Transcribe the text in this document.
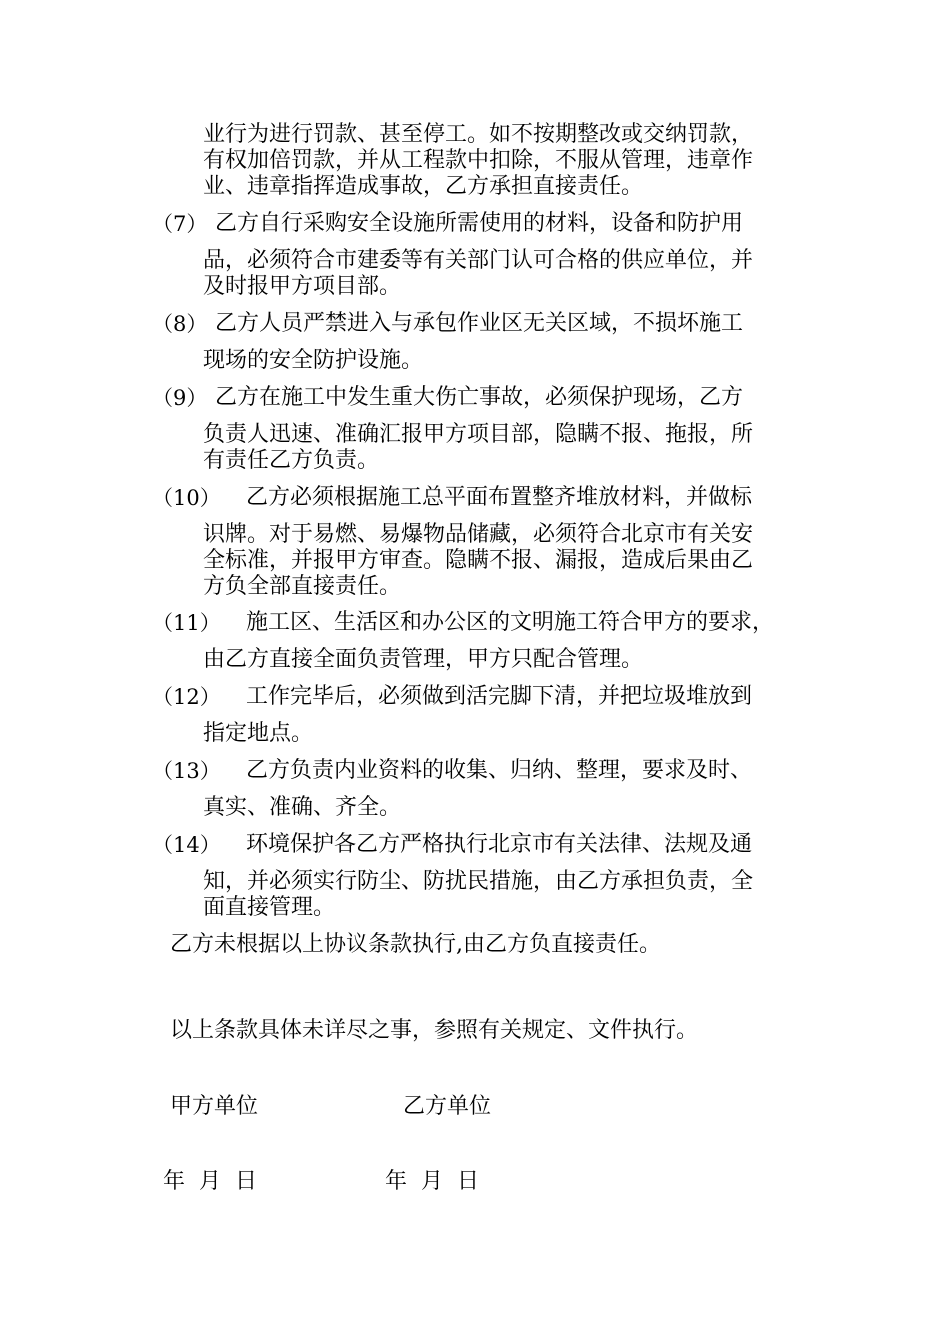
业行为进行罚款、甚至停工。如不按期整改或交纳罚款，
有权加倍罚款，并从工程款中扣除，不服从管理，违章作
业、违章指挥造成事故，乙方承担直接责任。
（7） 乙方自行采购安全设施所需使用的材料，设备和防护用
品，必须符合市建委等有关部门认可合格的供应单位，并
及时报甲方项目部。
（8） 乙方人员严禁进入与承包作业区无关区域，不损坏施工
现场的安全防护设施。
（9） 乙方在施工中发生重大伤亡事故，必须保护现场，乙方
负责人迅速、准确汇报甲方项目部，隐瞒不报、拖报，所
有责任乙方负责。
（10） 乙方必须根据施工总平面布置整齐堆放材料，并做标
识牌。对于易燃、易爆物品储藏，必须符合北京市有关安
全标准，并报甲方审查。隐瞒不报、漏报，造成后果由乙
方负全部直接责任。
（11） 施工区、生活区和办公区的文明施工符合甲方的要求，
由乙方直接全面负责管理，甲方只配合管理。
（12） 工作完毕后，必须做到活完脚下清，并把垃圾堆放到
指定地点。
（13） 乙方负责内业资料的收集、归纳、整理，要求及时、
真实、准确、齐全。
（14） 环境保护各乙方严格执行北京市有关法律、法规及通
知，并必须实行防尘、防扰民措施，由乙方承担负责，全
面直接管理。
乙方未根据以上协议条款执行,由乙方负直接责任。
以上条款具体未详尽之事，参照有关规定、文件执行。
甲方单位	乙方单位
年  月  日	年  月  日
